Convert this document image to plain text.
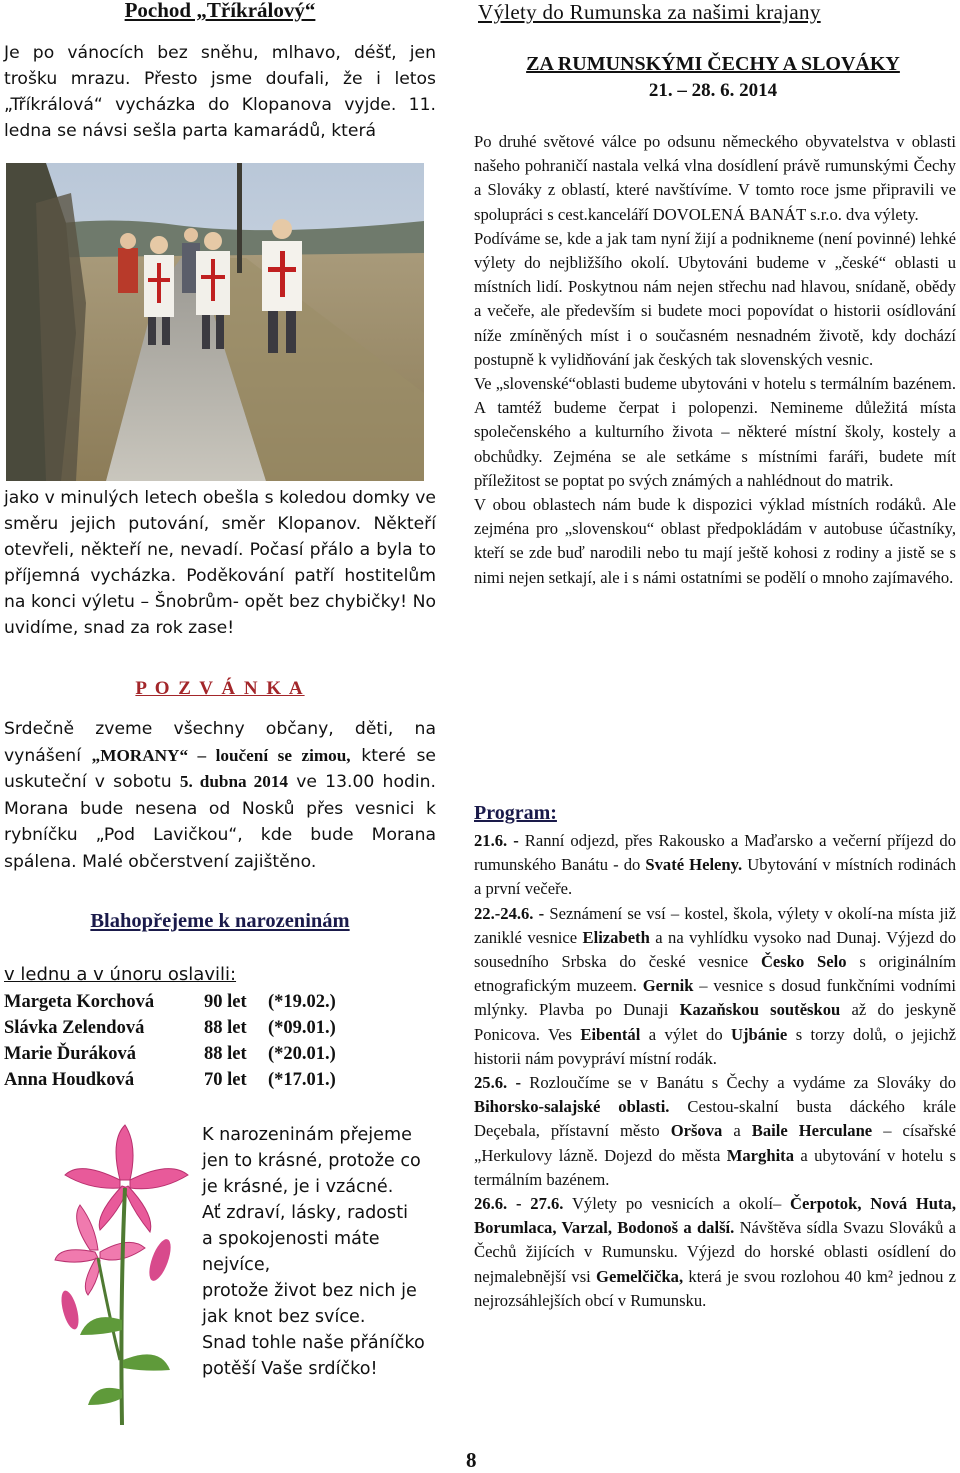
Pochod „Tříkrálový“
Je po vánocích bez sněhu, mlhavo, déšť, jen trošku mrazu. Přesto jsme doufali, že i letos „Tříkrálová“ vycházka do Klopanova vyjde. 11. ledna se návsi sešla parta kamarádů, která
jako v minulých letech obešla s koledou domky ve směru jejich putování, směr Klopanov. Někteří otevřeli, někteří ne, nevadí. Počasí přálo a byla to příjemná vycházka. Poděkování patří hostitelům na konci výletu – Šnobrům- opět bez chybičky! No uvidíme, snad za rok zase!
P O Z V Á N K A
Srdečně zveme všechny občany, děti, na vynášení „MORANY“ – loučení se zimou, které se uskuteční v sobotu 5. dubna 2014 ve 13.00 hodin. Morana bude nesena od Nosků přes vesnici k rybníčku „Pod Lavičkou“, kde bude Morana spálena. Malé občerstvení zajištěno.
Blahopřejeme k narozeninám
v lednu a v únoru oslavili:
Margeta Korchová	90 let (*19.02.)
Slávka Zelendová	88 let (*09.01.)
Marie Ďuráková	88 let (*20.01.)
Anna Houdková	70 let (*17.01.)
K narozeninám přejeme
jen to krásné, protože co
je krásné, je i vzácné.
Ať zdraví, lásky, radosti
a spokojenosti máte
nejvíce,
protože život bez nich je
jak knot bez svíce.
Snad tohle naše přáníčko
potěší Vaše srdíčko!
Výlety do Rumunska za našimi krajany
ZA RUMUNSKÝMI ČECHY A SLOVÁKY
21. – 28. 6. 2014

Po druhé světové válce po odsunu německého obyvatelstva v oblasti našeho pohraničí nastala velká vlna dosídlení právě rumunskými Čechy a Slováky z oblastí, které navštívíme. V tomto roce jsme připravili ve spolupráci s cest.kanceláří DOVOLENÁ BANÁT s.r.o. dva výlety.

Podíváme se, kde a jak tam nyní žijí a podnikneme (není povinné) lehké výlety do nejbližšího okolí. Ubytováni budeme v „české“ oblasti u místních lidí. Poskytnou nám nejen střechu nad hlavou, snídaně, obědy a večeře, ale především si budete moci popovídat o historii osídlování níže zmíněných míst i o současném nesnadném životě, kdy dochází postupně k vylidňování jak českých tak slovenských vesnic.

Ve „slovenské“oblasti budeme ubytováni v hotelu s termálním bazénem. A tamtéž budeme čerpat i polopenzi. Nemineme důležitá místa společenského a kulturního života – některé místní školy, kostely a obchůdky. Zejména se ale setkáme s místními faráři, budete mít příležitost se poptat po svých známých a nahlédnout do matrik.

V obou oblastech nám bude k dispozici výklad místních rodáků. Ale zejména pro „slovenskou“ oblast předpokládám v autobuse účastníky, kteří se zde buď narodili nebo tu mají ještě kohosi z rodiny a jistě se s nimi nejen setkají, ale i s námi ostatními se podělí o mnoho zajímavého.

Program:

21.6. - Ranní odjezd, přes Rakousko a Maďarsko a večerní příjezd do rumunského Banátu - do Svaté Heleny. Ubytování v místních rodinách a první večeře.

22.-24.6. - Seznámení se vsí – kostel, škola, výlety v okolí-na místa již zaniklé vesnice Elizabeth a na vyhlídku vysoko nad Dunaj. Výjezd do sousedního Srbska do české vesnice Česko Selo s originálním etnografickým muzeem. Gernik – vesnice s dosud funkčními vodními mlýnky. Plavba po Dunaji Kazaňskou soutěskou až do jeskyně Ponicova. Ves Eibentál a výlet do Ujbánie s torzy dolů, o jejichž historii nám povypráví místní rodák.

25.6. - Rozloučíme se v Banátu s Čechy a vydáme za Slováky do Bihorsko-salajské oblasti. Cestou-skalní busta dáckého krále Deçebala, přístavní město Oršova a Baile Herculane – císařské „Herkulovy lázně. Dojezd do města Marghita a ubytování v hotelu s termálním bazénem.

26.6. - 27.6. Výlety po vesnicích a okolí– Čerpotok, Nová Huta, Borumlaca, Varzal, Bodonoš a další. Návštěva sídla Svazu Slováků a Čechů žijících v Rumunsku. Výjezd do horské oblasti osídlení do nejmalebnější vsi Gemelčička, která je svou rozlohou 40 km² jednou z nejrozsáhlejších obcí v Rumunsku.

8
